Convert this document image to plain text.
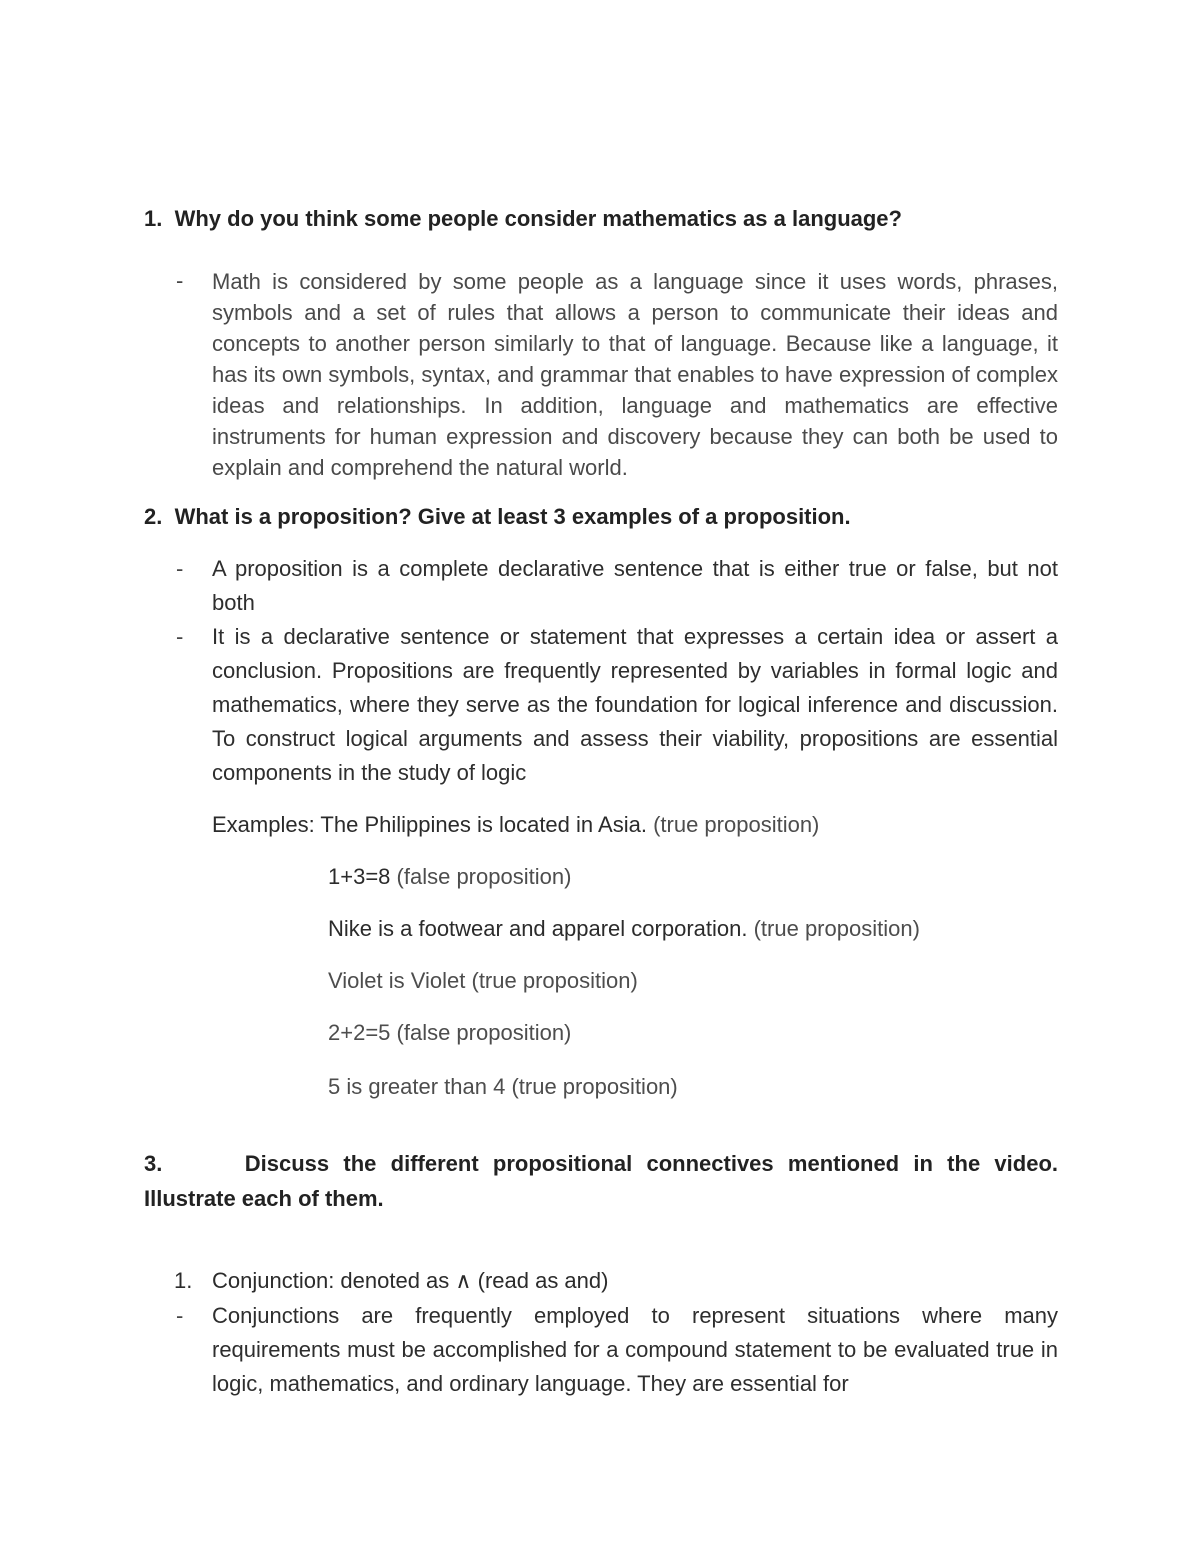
1. Why do you think some people consider mathematics as a language?
- Math is considered by some people as a language since it uses words, phrases, symbols and a set of rules that allows a person to communicate their ideas and concepts to another person similarly to that of language. Because like a language, it has its own symbols, syntax, and grammar that enables to have expression of complex ideas and relationships. In addition, language and mathematics are effective instruments for human expression and discovery because they can both be used to explain and comprehend the natural world.
2. What is a proposition? Give at least 3 examples of a proposition.
- A proposition is a complete declarative sentence that is either true or false, but not both
- It is a declarative sentence or statement that expresses a certain idea or assert a conclusion. Propositions are frequently represented by variables in formal logic and mathematics, where they serve as the foundation for logical inference and discussion. To construct logical arguments and assess their viability, propositions are essential components in the study of logic
Examples: The Philippines is located in Asia. (true proposition)
1+3=8 (false proposition)
Nike is a footwear and apparel corporation. (true proposition)
Violet is Violet (true proposition)
2+2=5 (false proposition)
5 is greater than 4 (true proposition)
3.	Discuss the different propositional connectives mentioned in the video. Illustrate each of them.
1. Conjunction: denoted as ∧ (read as and)
- Conjunctions are frequently employed to represent situations where many requirements must be accomplished for a compound statement to be evaluated true in logic, mathematics, and ordinary language. They are essential for
